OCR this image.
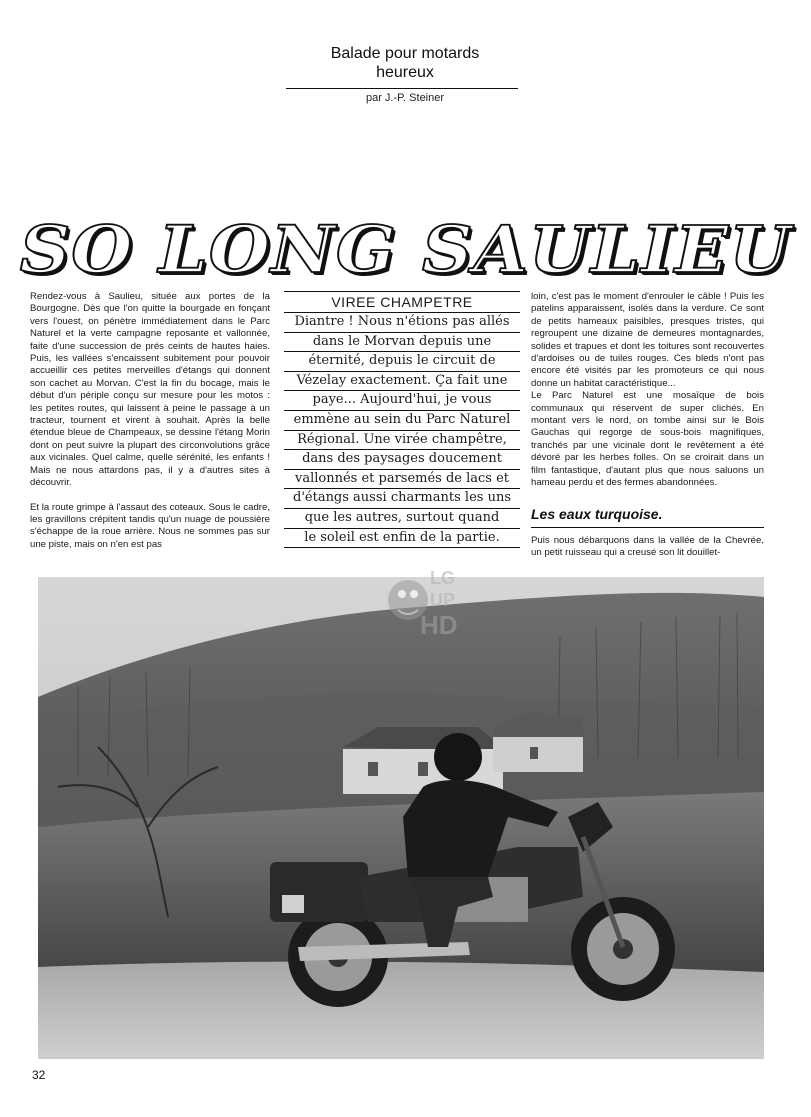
Balade pour motards
heureux
par J.-P. Steiner
SO LONG SAULIEU

Rendez-vous à Saulieu, située aux portes de la Bourgogne. Dès que l'on quitte la bourgade en fonçant vers l'ouest, on pénètre immédiatement dans le Parc Naturel et la verte campagne reposante et vallonnée, faite d'une succession de prés ceints de hautes haies. Puis, les vallées s'encaissent subitement pour pouvoir accueillir ces petites merveilles d'étangs qui donnent son cachet au Morvan. C'est la fin du bocage, mais le début d'un périple conçu sur mesure pour les motos : les petites routes, qui laissent à peine le passage à un tracteur, tournent et virent à souhait. Après la belle étendue bleue de Champeaux, se dessine l'étang Morin dont on peut suivre la plupart des circonvolutions grâce aux vicinales. Quel calme, quelle sérénité, les enfants ! Mais ne nous attardons pas, il y a d'autres sites à découvrir.

Et la route grimpe à l'assaut des coteaux. Sous le cadre, les gravillons crépitent tandis qu'un nuage de poussière s'échappe de la roue arrière. Nous ne sommes pas sur une piste, mais on n'en est pas

VIREE CHAMPETRE
Diantre ! Nous n'étions pas allés
dans le Morvan depuis une
éternité, depuis le circuit de
Vézelay exactement. Ça fait une
paye... Aujourd'hui, je vous
emmène au sein du Parc Naturel
Régional. Une virée champêtre,
dans des paysages doucement
vallonnés et parsemés de lacs et
d'étangs aussi charmants les uns
que les autres, surtout quand
le soleil est enfin de la partie.

loin, c'est pas le moment d'enrouler le câble ! Puis les patelins apparaissent, isolés dans la verdure. Ce sont de petits hameaux paisibles, presques tristes, qui regroupent une dizaine de demeures montagnardes, solides et trapues et dont les toitures sont recouvertes d'ardoises ou de tuiles rouges. Ces bleds n'ont pas encore été visités par les promoteurs ce qui nous donne un habitat caractéristique...

Le Parc Naturel est une mosaïque de bois communaux qui réservent de super clichés. En montant vers le nord, on tombe ainsi sur le Bois Gauchas qui regorge de sous-bois magnifiques, tranchés par une vicinale dont le revêtement a été dévoré par les herbes folles. On se croirait dans un film fantastique, d'autant plus que nous saluons un hameau perdu et des fermes abandonnées.

Les eaux turquoise.

Puis nous débarquons dans la vallée de la Chevrée, un petit ruisseau qui a creusé son lit douillet-

LG
UP
HD
32
